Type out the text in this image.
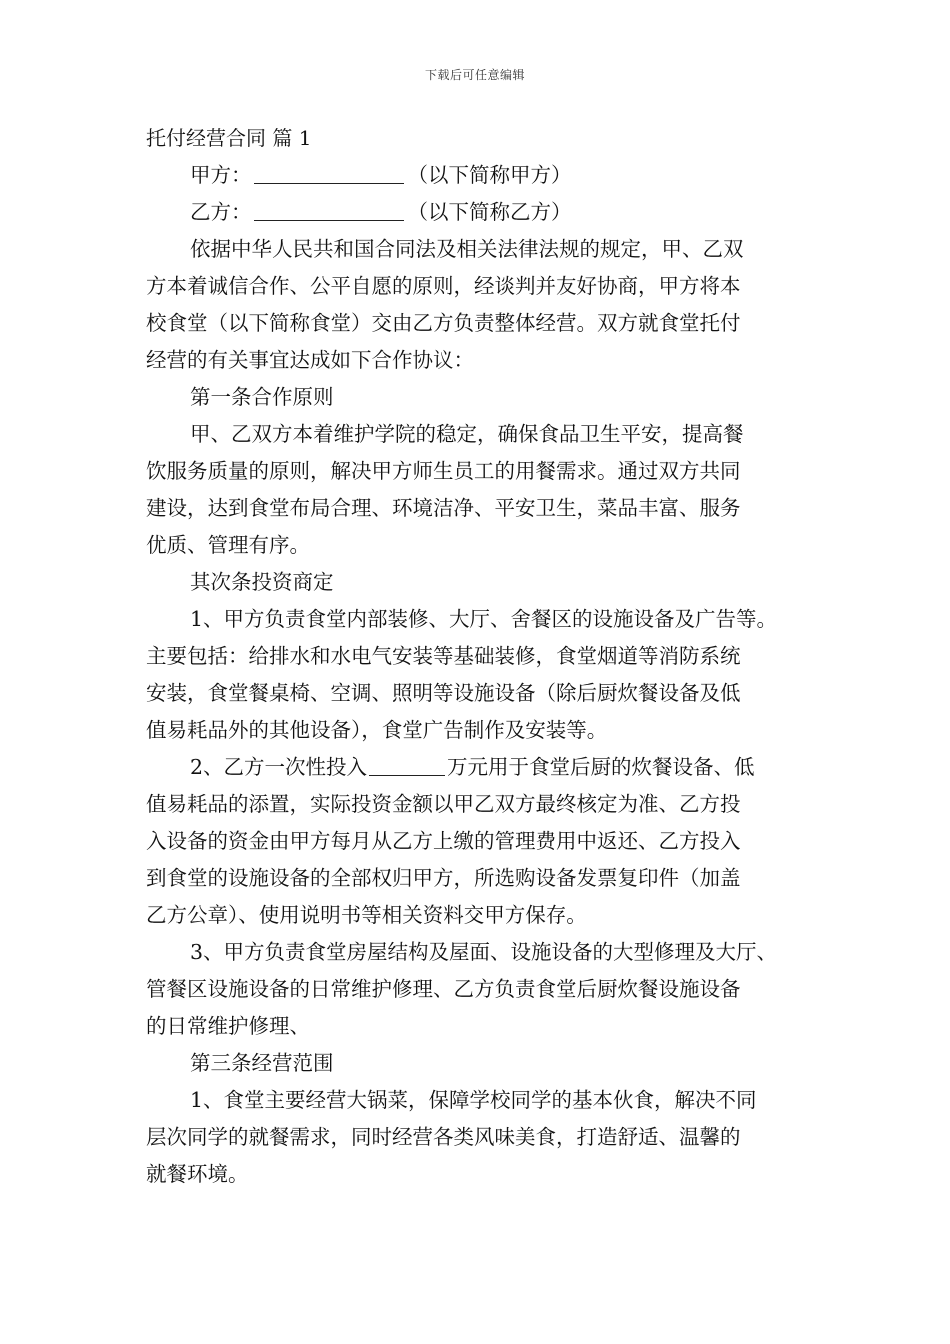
下载后可任意编辑
托付经营合同 篇 1
甲方：	（以下简称甲方）
乙方：	（以下简称乙方）
依据中华人民共和国合同法及相关法律法规的规定，甲、乙双
方本着诚信合作、公平自愿的原则，经谈判并友好协商，甲方将本
校食堂（以下简称食堂）交由乙方负责整体经营。双方就食堂托付
经营的有关事宜达成如下合作协议：
第一条合作原则
甲、乙双方本着维护学院的稳定，确保食品卫生平安，提高餐
饮服务质量的原则，解决甲方师生员工的用餐需求。通过双方共同
建设，达到食堂布局合理、环境洁净、平安卫生，菜品丰富、服务
优质、管理有序。
其次条投资商定
1、甲方负责食堂内部装修、大厅、舍餐区的设施设备及广告等。
主要包括：给排水和水电气安装等基础装修，食堂烟道等消防系统
安装，食堂餐桌椅、空调、照明等设施设备（除后厨炊餐设备及低
值易耗品外的其他设备），食堂广告制作及安装等。
2、乙方一次性投入	万元用于食堂后厨的炊餐设备、低
值易耗品的添置，实际投资金额以甲乙双方最终核定为准、乙方投
入设备的资金由甲方每月从乙方上缴的管理费用中返还、乙方投入
到食堂的设施设备的全部权归甲方，所选购设备发票复印件（加盖
乙方公章）、使用说明书等相关资料交甲方保存。
3、甲方负责食堂房屋结构及屋面、设施设备的大型修理及大厅、
管餐区设施设备的日常维护修理、乙方负责食堂后厨炊餐设施设备
的日常维护修理、
第三条经营范围
1、食堂主要经营大锅菜，保障学校同学的基本伙食，解决不同
层次同学的就餐需求，同时经营各类风味美食，打造舒适、温馨的
就餐环境。
